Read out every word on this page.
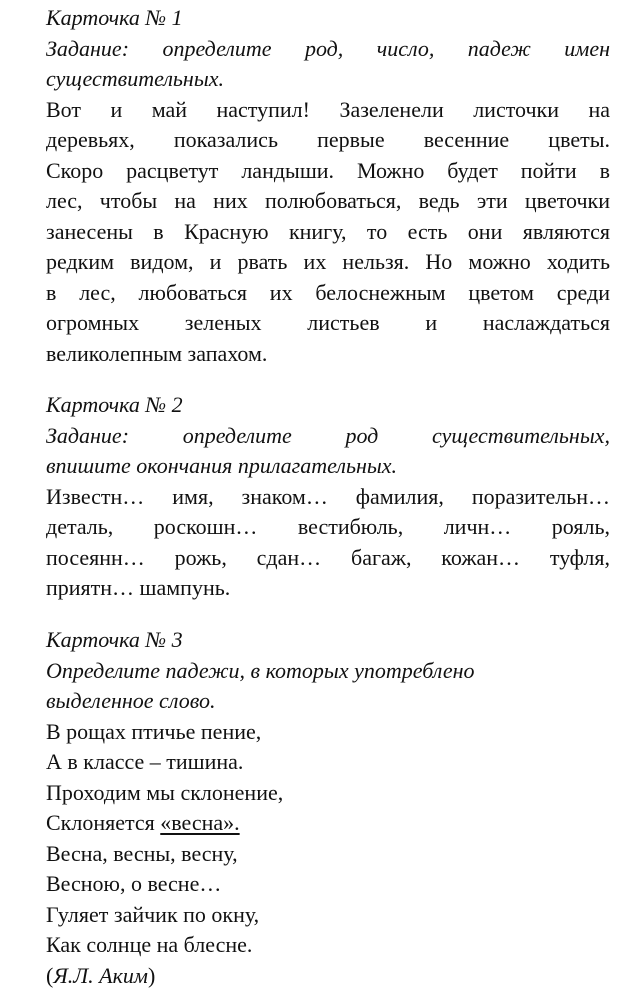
Карточка № 1
Задание: определите род, число, падеж имен
существительных.
Вот и май наступил! Зазеленели листочки на
деревьях, показались первые весенние цветы.
Скоро расцветут ландыши. Можно будет пойти в
лес, чтобы на них полюбоваться, ведь эти цветочки
занесены в Красную книгу, то есть они являются
редким видом, и рвать их нельзя. Но можно ходить
в лес, любоваться их белоснежным цветом среди
огромных зеленых листьев и наслаждаться
великолепным запахом.
Карточка № 2
Задание: определите род существительных,
впишите окончания прилагательных.
Известн… имя, знаком… фамилия, поразительн…
деталь, роскошн… вестибюль, личн… рояль,
посеянн… рожь, сдан… багаж, кожан… туфля,
приятн… шампунь.
Карточка № 3
Определите падежи, в которых употреблено
выделенное слово.
В рощах птичье пение,
А в классе – тишина.
Проходим мы склонение,
Склоняется «весна».
Весна, весны, весну,
Весною, о весне…
Гуляет зайчик по окну,
Как солнце на блесне.
(Я.Л. Аким)
